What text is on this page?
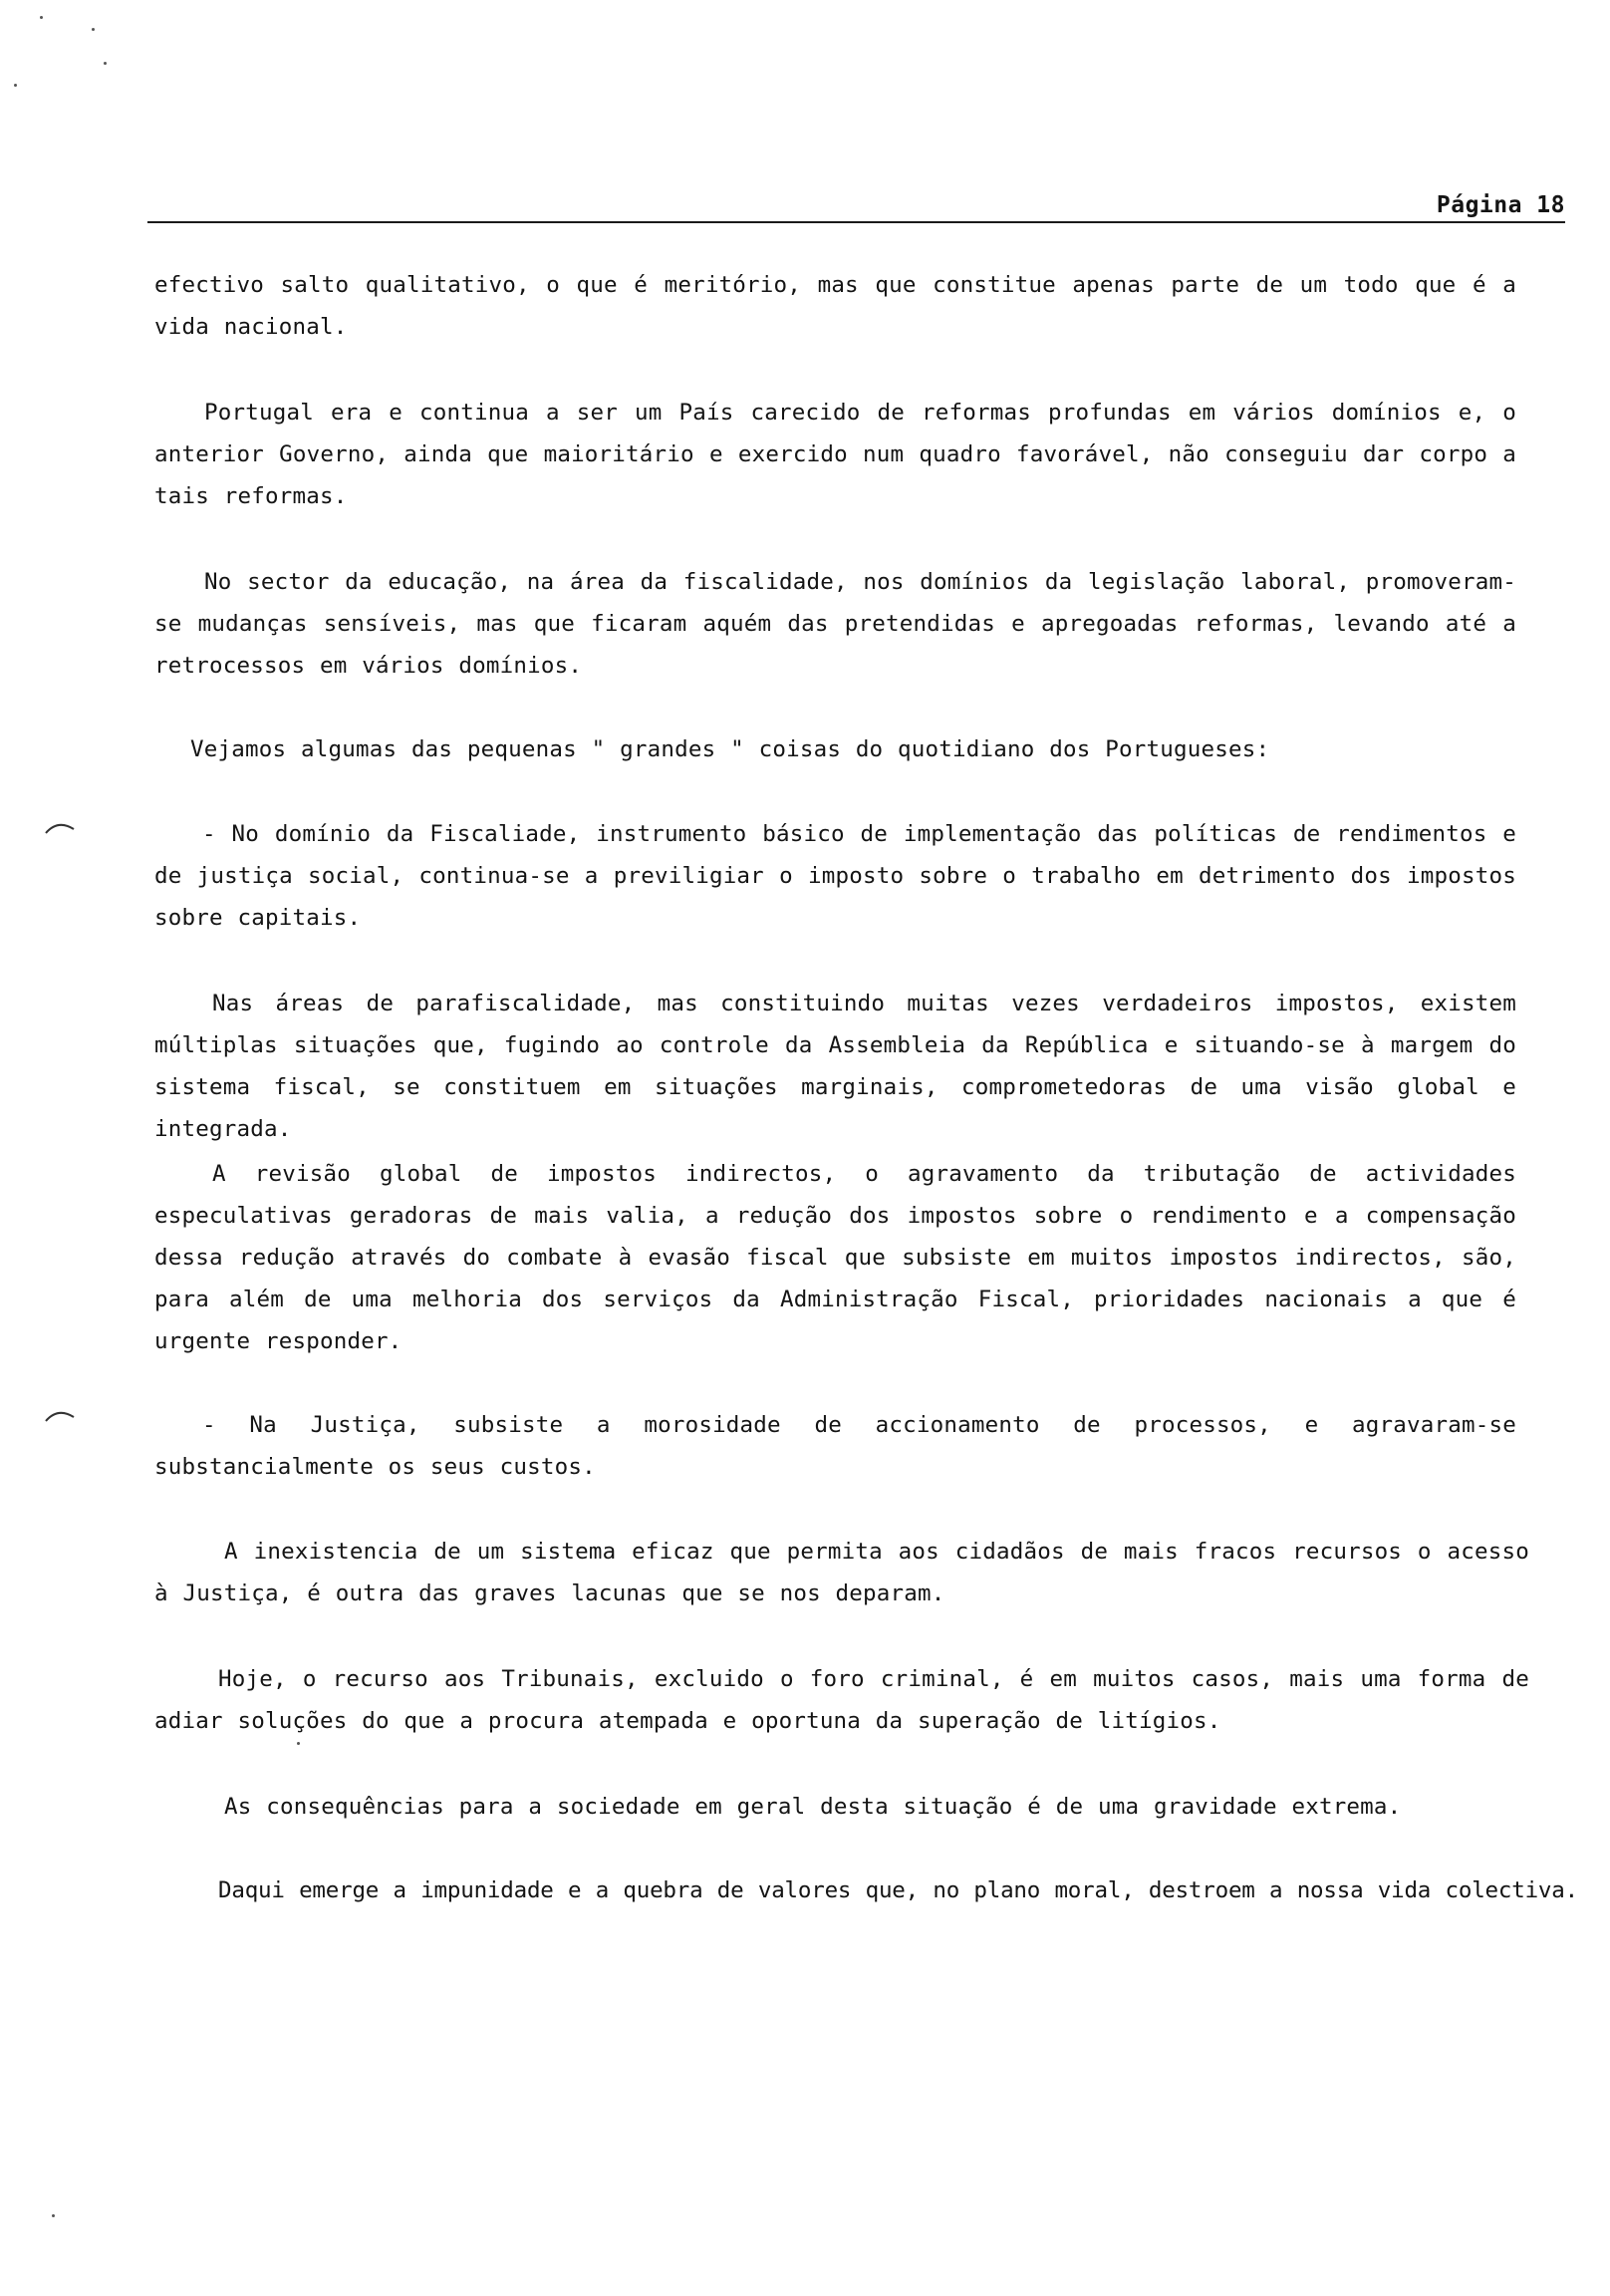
Página 18

efectivo salto qualitativo, o que é meritório, mas que constitue apenas parte de um todo que é a vida nacional.

Portugal era e continua a ser um País carecido de reformas profundas em vários domínios e, o anterior Governo, ainda que maioritário e exercido num quadro favorável, não conseguiu dar corpo a tais reformas.

No sector da educação, na área da fiscalidade, nos domínios da legislação laboral, promoveram-se mudanças sensíveis, mas que ficaram aquém das pretendidas e apregoadas reformas, levando até a retrocessos em vários domínios.

Vejamos algumas das pequenas " grandes " coisas do quotidiano dos Portugueses:

- No domínio da Fiscaliade, instrumento básico de implementação das políticas de rendimentos e de justiça social, continua-se a previligiar o imposto sobre o trabalho em detrimento dos impostos sobre capitais.

Nas áreas de parafiscalidade, mas constituindo muitas vezes verdadeiros impostos, existem múltiplas situações que, fugindo ao controle da Assembleia da República e situando-se à margem do sistema fiscal, se constituem em situações marginais, comprometedoras de uma visão global e integrada.

A revisão global de impostos indirectos, o agravamento da tributação de actividades especulativas geradoras de mais valia, a redução dos impostos sobre o rendimento e a compensação dessa redução através do combate à evasão fiscal que subsiste em muitos impostos indirectos, são, para além de uma melhoria dos serviços da Administração Fiscal, prioridades nacionais a que é urgente responder.

- Na Justiça, subsiste a morosidade de accionamento de processos, e agravaram-se substancialmente os seus custos.

A inexistencia de um sistema eficaz que permita aos cidadãos de mais fracos recursos o acesso à Justiça, é outra das graves lacunas que se nos deparam.

Hoje, o recurso aos Tribunais, excluido o foro criminal, é em muitos casos, mais uma forma de adiar soluções do que a procura atempada e oportuna da superação de litígios.

As consequências para a sociedade em geral desta situação é de uma gravidade extrema.

Daqui emerge a impunidade e a quebra de valores que, no plano moral, destroem a nossa vida colectiva.
